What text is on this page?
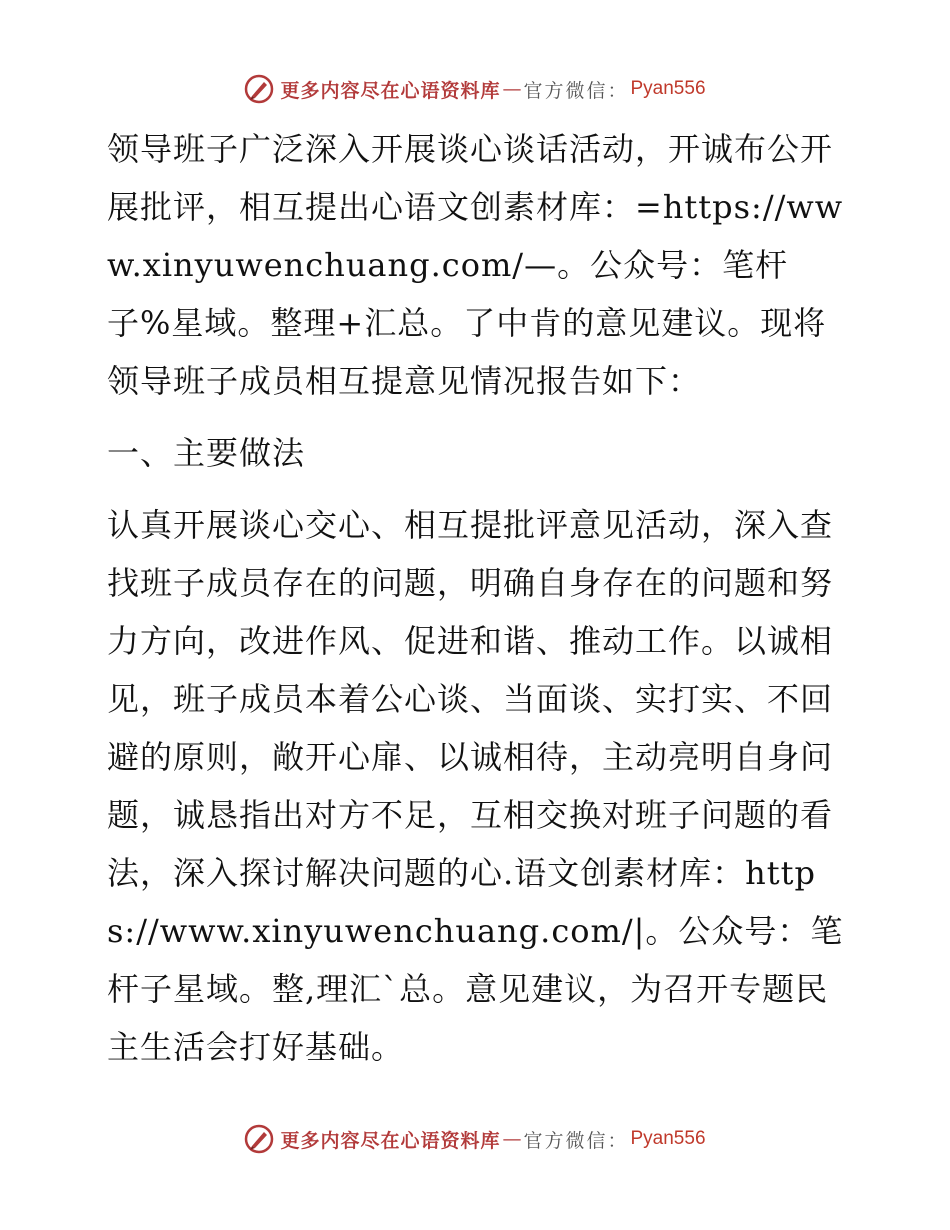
更多内容尽在心语资料库 — 官方微信： Pyan556

领导班子广泛深入开展谈心谈话活动，开诚布公开展批评，相互提出心语文创素材库：=https://www.xinyuwenchuang.com/—。公众号：笔杆子%星域。整理+汇总。了中肯的意见建议。现将领导班子成员相互提意见情况报告如下：

一、主要做法

认真开展谈心交心、相互提批评意见活动，深入查找班子成员存在的问题，明确自身存在的问题和努力方向，改进作风、促进和谐、推动工作。以诚相见，班子成员本着公心谈、当面谈、实打实、不回避的原则，敞开心扉、以诚相待，主动亮明自身问题，诚恳指出对方不足，互相交换对班子问题的看法，深入探讨解决问题的心.语文创素材库：https://www.xinyuwenchuang.com/|。公众号：笔杆子星域。整,理汇`总。意见建议，为召开专题民主生活会打好基础。

更多内容尽在心语资料库 — 官方微信： Pyan556
